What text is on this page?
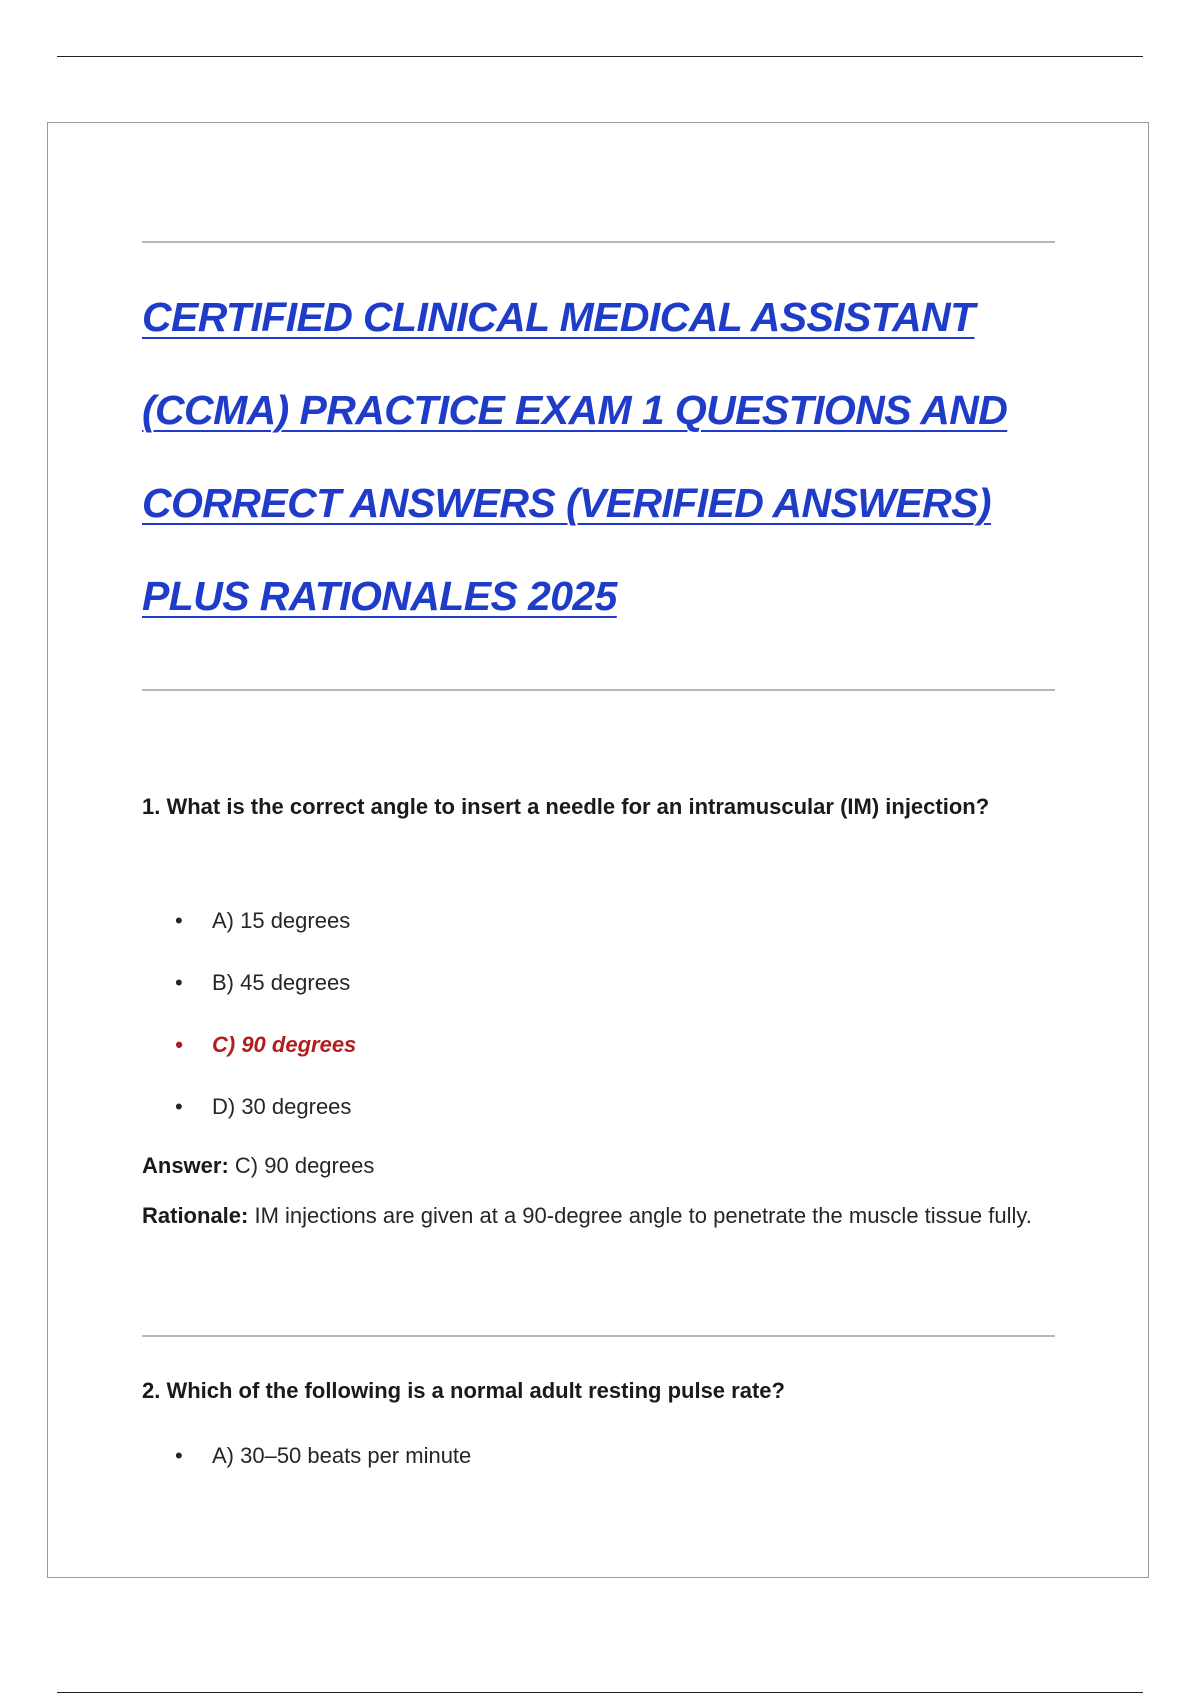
CERTIFIED CLINICAL MEDICAL ASSISTANT (CCMA) PRACTICE EXAM 1 QUESTIONS AND CORRECT ANSWERS (VERIFIED ANSWERS) PLUS RATIONALES 2025

1. What is the correct angle to insert a needle for an intramuscular (IM) injection?

• A) 15 degrees
• B) 45 degrees
• C) 90 degrees
• D) 30 degrees

Answer: C) 90 degrees

Rationale: IM injections are given at a 90-degree angle to penetrate the muscle tissue fully.

2. Which of the following is a normal adult resting pulse rate?

• A) 30–50 beats per minute
